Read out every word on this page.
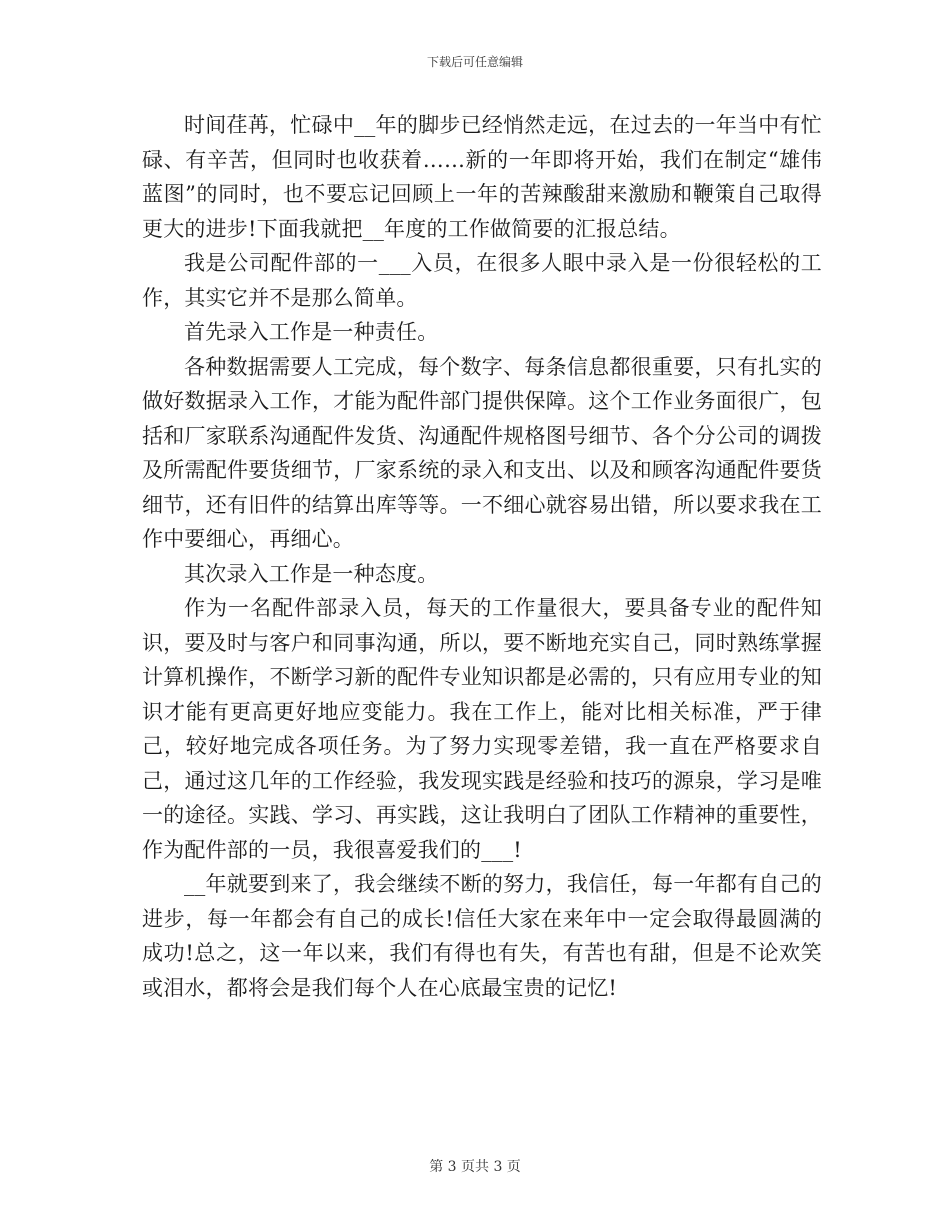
下载后可任意编辑

时间荏苒，忙碌中__年的脚步已经悄然走远，在过去的一年当中有忙碌、有辛苦，但同时也收获着……新的一年即将开始，我们在制定“雄伟蓝图”的同时，也不要忘记回顾上一年的苦辣酸甜来激励和鞭策自己取得更大的进步!下面我就把__年度的工作做简要的汇报总结。

我是公司配件部的一___入员，在很多人眼中录入是一份很轻松的工作，其实它并不是那么简单。

首先录入工作是一种责任。

各种数据需要人工完成，每个数字、每条信息都很重要，只有扎实的做好数据录入工作，才能为配件部门提供保障。这个工作业务面很广，包括和厂家联系沟通配件发货、沟通配件规格图号细节、各个分公司的调拨及所需配件要货细节，厂家系统的录入和支出、以及和顾客沟通配件要货细节，还有旧件的结算出库等等。一不细心就容易出错，所以要求我在工作中要细心，再细心。

其次录入工作是一种态度。

作为一名配件部录入员，每天的工作量很大，要具备专业的配件知识，要及时与客户和同事沟通，所以，要不断地充实自己，同时熟练掌握计算机操作，不断学习新的配件专业知识都是必需的，只有应用专业的知识才能有更高更好地应变能力。我在工作上，能对比相关标准，严于律己，较好地完成各项任务。为了努力实现零差错，我一直在严格要求自己，通过这几年的工作经验，我发现实践是经验和技巧的源泉，学习是唯一的途径。实践、学习、再实践，这让我明白了团队工作精神的重要性，作为配件部的一员，我很喜爱我们的___!

__年就要到来了，我会继续不断的努力，我信任，每一年都有自己的进步，每一年都会有自己的成长!信任大家在来年中一定会取得最圆满的成功!总之，这一年以来，我们有得也有失，有苦也有甜，但是不论欢笑或泪水，都将会是我们每个人在心底最宝贵的记忆!

第 3 页共 3 页
